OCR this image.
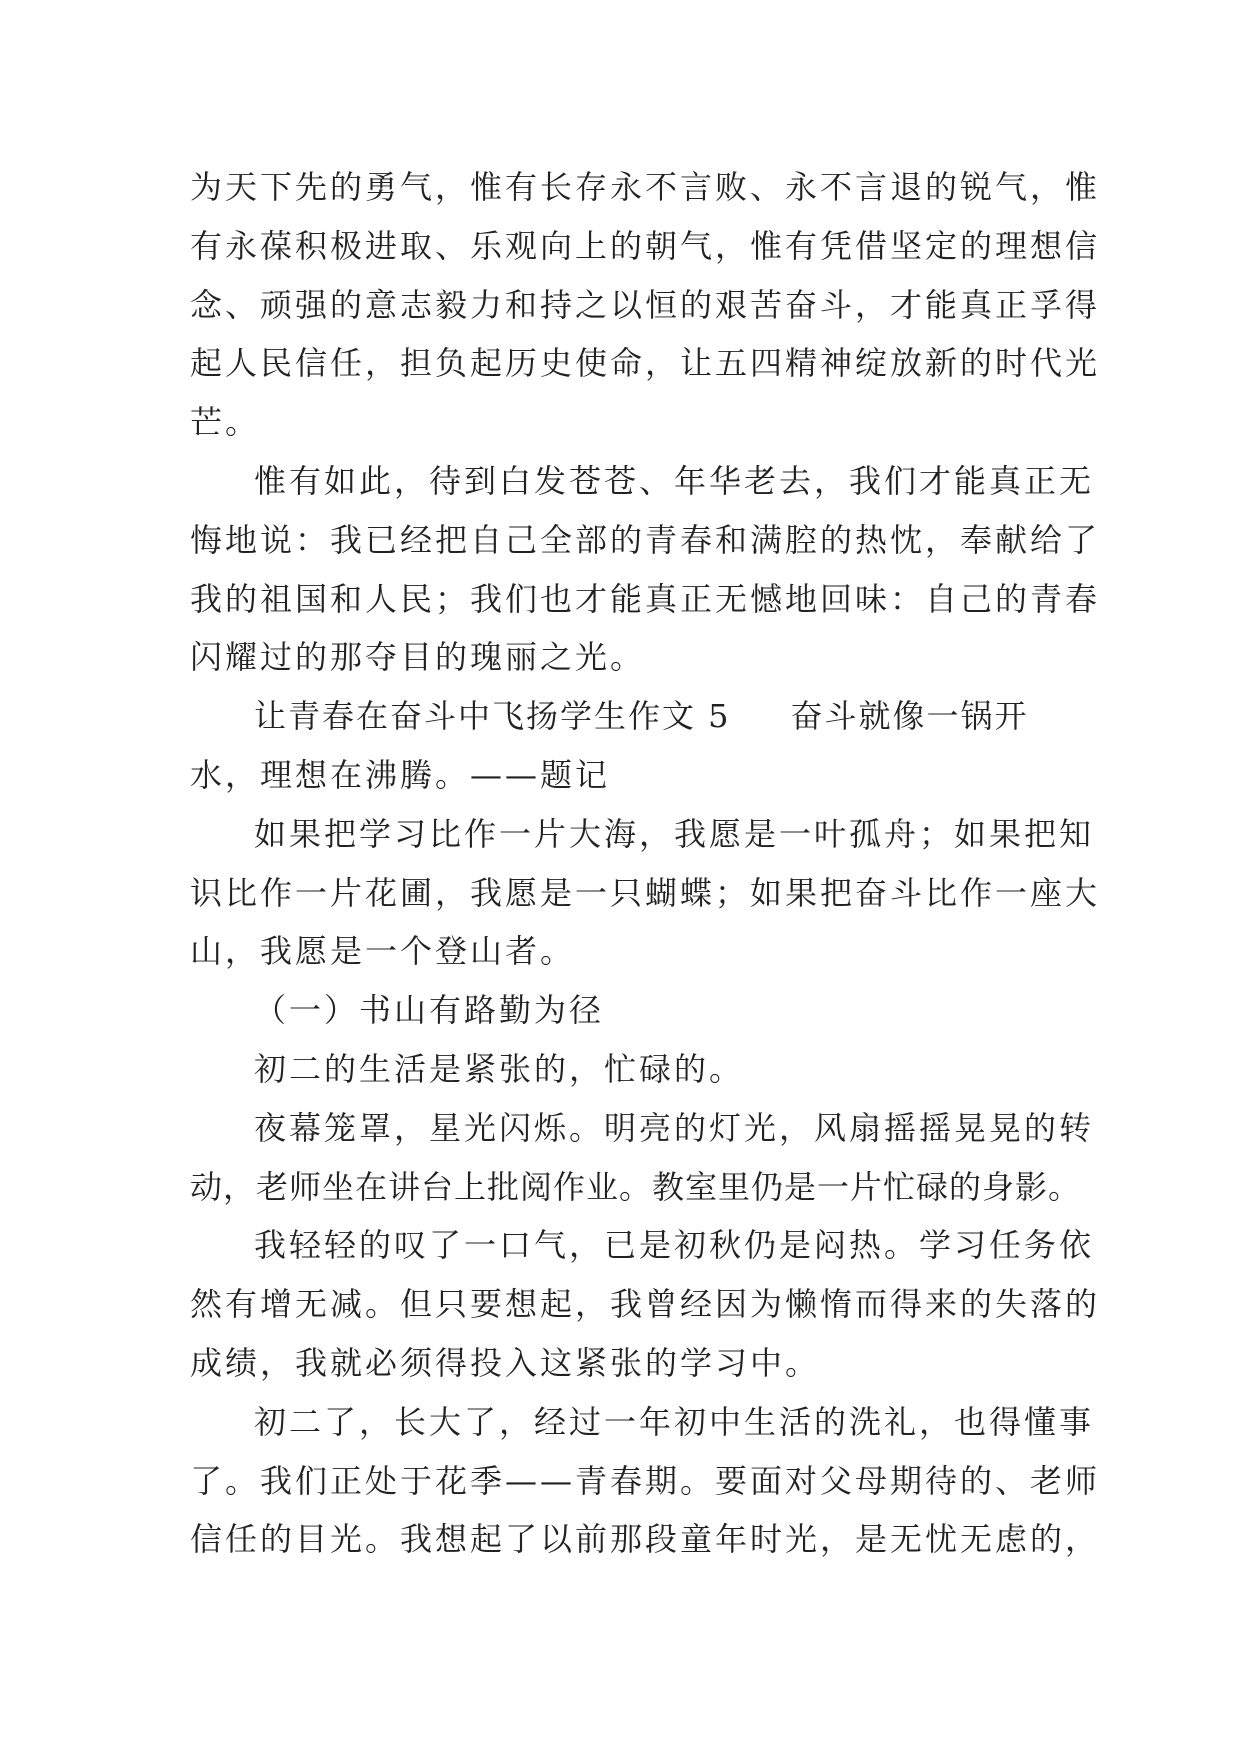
为天下先的勇气，惟有长存永不言败、永不言退的锐气，惟
有永葆积极进取、乐观向上的朝气，惟有凭借坚定的理想信
念、顽强的意志毅力和持之以恒的艰苦奋斗，才能真正孚得
起人民信任，担负起历史使命，让五四精神绽放新的时代光
芒。
惟有如此，待到白发苍苍、年华老去，我们才能真正无
悔地说：我已经把自己全部的青春和满腔的热忱，奉献给了
我的祖国和人民；我们也才能真正无憾地回味：自己的青春
闪耀过的那夺目的瑰丽之光。
让青春在奋斗中飞扬学生作文 5 奋斗就像一锅开
水，理想在沸腾。——题记
如果把学习比作一片大海，我愿是一叶孤舟；如果把知
识比作一片花圃，我愿是一只蝴蝶；如果把奋斗比作一座大
山，我愿是一个登山者。
（一）书山有路勤为径
初二的生活是紧张的，忙碌的。
夜幕笼罩，星光闪烁。明亮的灯光，风扇摇摇晃晃的转
动，老师坐在讲台上批阅作业。教室里仍是一片忙碌的身影。
我轻轻的叹了一口气，已是初秋仍是闷热。学习任务依
然有增无减。但只要想起，我曾经因为懒惰而得来的失落的
成绩，我就必须得投入这紧张的学习中。
初二了，长大了，经过一年初中生活的洗礼，也得懂事
了。我们正处于花季——青春期。要面对父母期待的、老师
信任的目光。我想起了以前那段童年时光，是无忧无虑的，
